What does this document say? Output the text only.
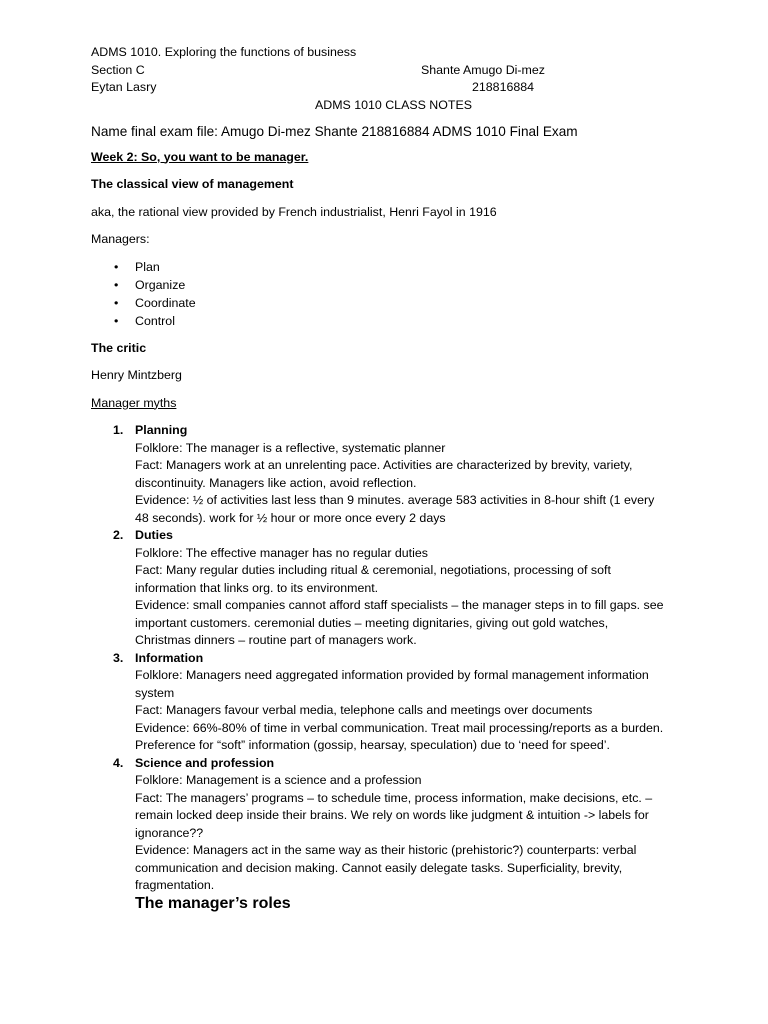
ADMS 1010. Exploring the functions of business
Section C	Shante Amugo Di-mez
Eytan Lasry	218816884
ADMS 1010 CLASS NOTES
Name final exam file: Amugo Di-mez Shante 218816884 ADMS 1010 Final Exam
Week 2: So, you want to be manager.
The classical view of management

aka, the rational view provided by French industrialist, Henri Fayol in 1916

Managers:

• Plan
• Organize
• Coordinate
• Control
The critic

Henry Mintzberg

Manager myths

1. Planning
Folklore: The manager is a reflective, systematic planner
Fact: Managers work at an unrelenting pace. Activities are characterized by brevity, variety,
discontinuity. Managers like action, avoid reflection.
Evidence: ½ of activities last less than 9 minutes. average 583 activities in 8-hour shift (1 every
48 seconds). work for ½ hour or more once every 2 days
2. Duties
Folklore: The effective manager has no regular duties
Fact: Many regular duties including ritual & ceremonial, negotiations, processing of soft
information that links org. to its environment.
Evidence: small companies cannot afford staff specialists – the manager steps in to fill gaps. see
important customers. ceremonial duties – meeting dignitaries, giving out gold watches,
Christmas dinners – routine part of managers work.
3. Information
Folklore: Managers need aggregated information provided by formal management information
system
Fact: Managers favour verbal media, telephone calls and meetings over documents
Evidence: 66%-80% of time in verbal communication. Treat mail processing/reports as a burden.
Preference for “soft” information (gossip, hearsay, speculation) due to ‘need for speed’.
4. Science and profession
Folklore: Management is a science and a profession
Fact: The managers’ programs – to schedule time, process information, make decisions, etc. –
remain locked deep inside their brains. We rely on words like judgment & intuition -> labels for
ignorance??
Evidence: Managers act in the same way as their historic (prehistoric?) counterparts: verbal
communication and decision making. Cannot easily delegate tasks. Superficiality, brevity,
fragmentation.
The manager’s roles
